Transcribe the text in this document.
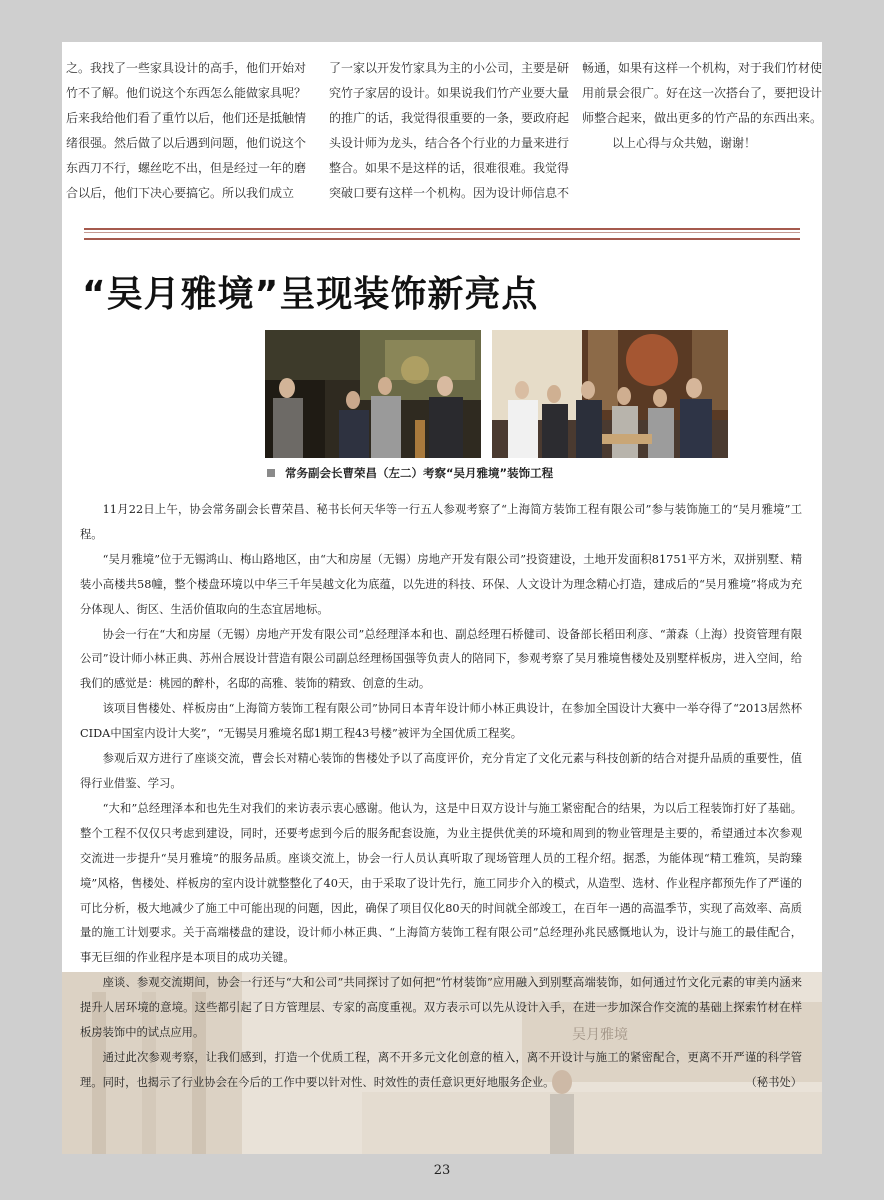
之。我找了一些家具设计的高手，他们开始对竹不了解。他们说这个东西怎么能做家具呢？
后来我给他们看了重竹以后，他们还是抵触情绪很强。然后做了以后遇到问题，他们说这个东西刀不行，螺丝吃不出，但是经过一年的磨合以后，他们下决心要搞它。所以我们成立
了一家以开发竹家具为主的小公司，主要是研究竹子家居的设计。如果说我们竹产业要大量的推广的话，我觉得很重要的一条，要政府起头设计师为龙头，结合各个行业的力量来进行整合。如果不是这样的话，很难很难。我觉得突破口要有这样一个机构。因为设计师信息不
畅通，如果有这样一个机构，对于我们竹材使用前景会很广。好在这一次搭台了，要把设计师整合起来，做出更多的竹产品的东西出来。
以上心得与众共勉，谢谢！
“吴月雅境”呈现装饰新亮点
常务副会长曹荣昌（左二）考察“吴月雅境”装饰工程
吴月雅境

11月22日上午，协会常务副会长曹荣昌、秘书长何天华等一行五人参观考察了“上海简方装饰工程有限公司”参与装饰施工的“吴月雅境”工程。

“吴月雅境”位于无锡鸿山、梅山路地区，由“大和房屋（无锡）房地产开发有限公司”投资建设，土地开发面积81751平方米，双拼别墅、精装小高楼共58幢，整个楼盘环境以中华三千年吴越文化为底蕴，以先进的科技、环保、人文设计为理念精心打造，建成后的“吴月雅境”将成为充分体现人、街区、生活价值取向的生态宜居地标。

协会一行在“大和房屋（无锡）房地产开发有限公司”总经理泽本和也、副总经理石桥健司、设备部长稻田利彦、“萧森（上海）投资管理有限公司”设计师小林正典、苏州合展设计营造有限公司副总经理杨国强等负责人的陪同下，参观考察了吴月雅境售楼处及别墅样板房，进入空间，给我们的感觉是：桃园的醉朴，名邸的高雅、装饰的精致、创意的生动。

该项目售楼处、样板房由“上海简方装饰工程有限公司”协同日本青年设计师小林正典设计，在参加全国设计大赛中一举夺得了“2013居然杯CIDA中国室内设计大奖”，“无锡吴月雅境名邸1期工程43号楼”被评为全国优质工程奖。

参观后双方进行了座谈交流，曹会长对精心装饰的售楼处予以了高度评价，充分肯定了文化元素与科技创新的结合对提升品质的重要性，值得行业借鉴、学习。

“大和”总经理泽本和也先生对我们的来访表示衷心感谢。他认为，这是中日双方设计与施工紧密配合的结果，为以后工程装饰打好了基础。整个工程不仅仅只考虑到建设，同时，还要考虑到今后的服务配套设施，为业主提供优美的环境和周到的物业管理是主要的，希望通过本次参观交流进一步提升“吴月雅境”的服务品质。座谈交流上，协会一行人员认真听取了现场管理人员的工程介绍。据悉，为能体现“精工雅筑，吴韵臻境”风格，售楼处、样板房的室内设计就整整化了40天，由于采取了设计先行，施工同步介入的模式，从造型、选材、作业程序都预先作了严谨的可比分析，极大地减少了施工中可能出现的问题，因此，确保了项目仅化80天的时间就全部竣工，在百年一遇的高温季节，实现了高效率、高质量的施工计划要求。关于高端楼盘的建设，设计师小林正典、“上海简方装饰工程有限公司”总经理孙兆民感慨地认为，设计与施工的最佳配合，事无巨细的作业程序是本项目的成功关键。

座谈、参观交流期间，协会一行还与“大和公司”共同探讨了如何把“竹材装饰”应用融入到别墅高端装饰，如何通过竹文化元素的审美内涵来提升人居环境的意境。这些都引起了日方管理层、专家的高度重视。双方表示可以先从设计入手，在进一步加深合作交流的基础上探索竹材在样板房装饰中的试点应用。

通过此次参观考察，让我们感到，打造一个优质工程，离不开多元文化创意的植入，离不开设计与施工的紧密配合，更离不开严谨的科学管理。同时，也揭示了行业协会在今后的工作中要以针对性、时效性的责任意识更好地服务企业。	（秘书处）

23
